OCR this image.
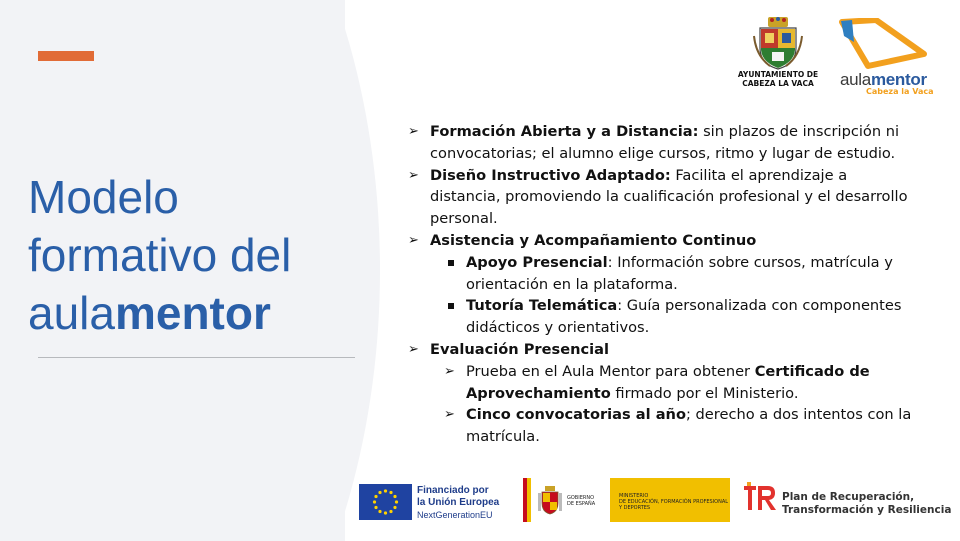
Modelo
formativo del
aulamentor
AYUNTAMIENTO DE
CABEZA LA VACA	aulamentor
Cabeza la Vaca
➢ Formación Abierta y a Distancia: sin plazos de inscripción ni convocatorias; el alumno elige cursos, ritmo y lugar de estudio.
➢ Diseño Instructivo Adaptado: Facilita el aprendizaje a distancia, promoviendo la cualificación profesional y el desarrollo personal.
➢ Asistencia y Acompañamiento Continuo
Apoyo Presencial: Información sobre cursos, matrícula y orientación en la plataforma.
Tutoría Telemática: Guía personalizada con componentes didácticos y orientativos.
➢ Evaluación Presencial
➢ Prueba en el Aula Mentor para obtener Certificado de Aprovechamiento firmado por el Ministerio.
➢ Cinco convocatorias al año; derecho a dos intentos con la matrícula.
Financiado por
la Unión Europea
NextGenerationEU
GOBIERNO
DE ESPAÑA
MINISTERIO
DE EDUCACIÓN, FORMACIÓN PROFESIONAL
Y DEPORTES
Plan de Recuperación,
Transformación y Resiliencia
